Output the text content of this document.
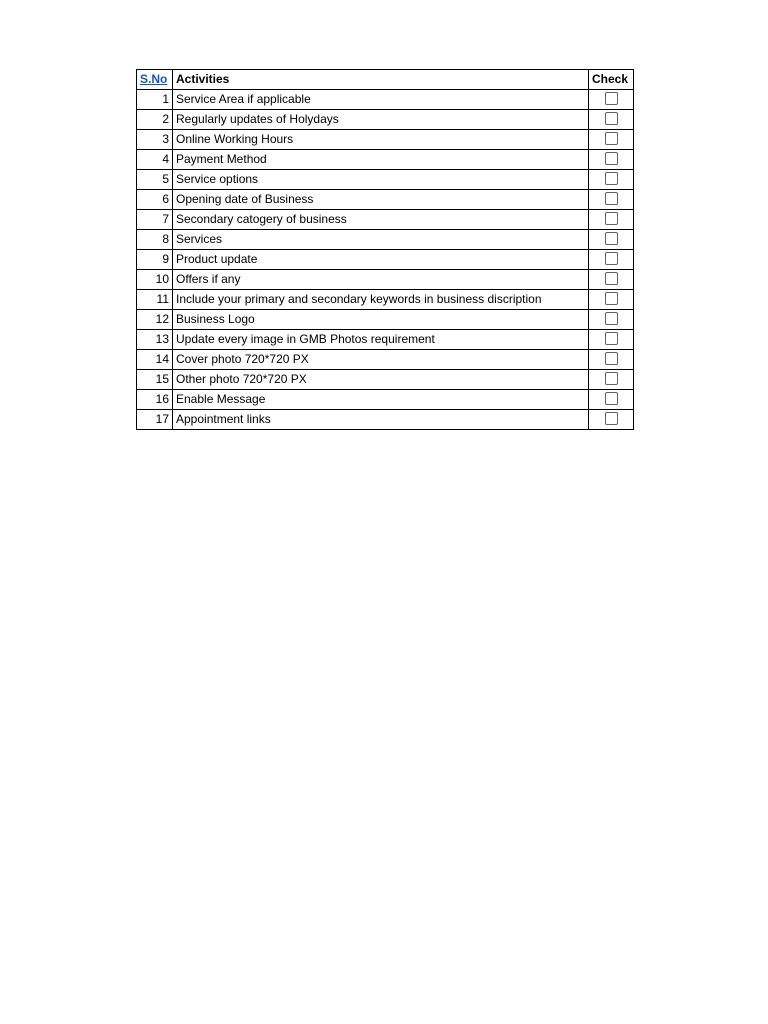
S.No	Activities	Check
1	Service Area if applicable	
2	Regularly updates of Holydays	
3	Online Working Hours	
4	Payment Method	
5	Service options	
6	Opening date of Business	
7	Secondary catogery of business	
8	Services	
9	Product update	
10	Offers if any	
11	Include your primary and secondary keywords in business discription	
12	Business Logo	
13	Update every image in GMB Photos requirement	
14	Cover photo 720*720 PX	
15	Other photo 720*720 PX	
16	Enable Message	
17	Appointment links	
